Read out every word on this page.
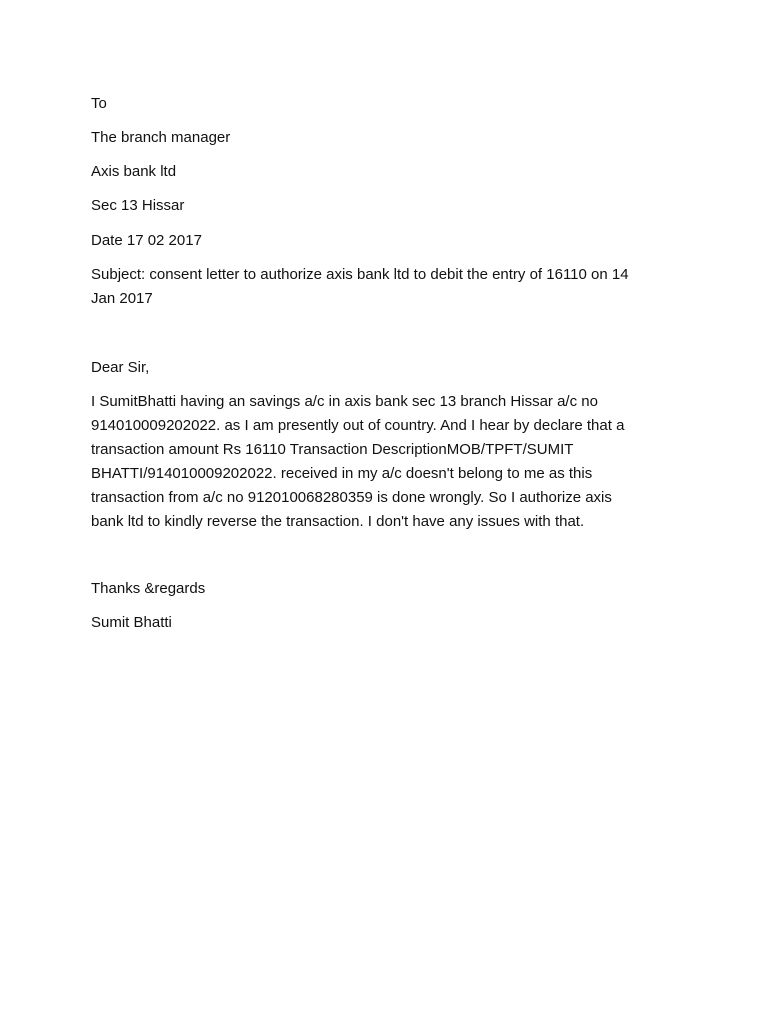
To
The branch manager
Axis bank ltd
Sec 13 Hissar
Date 17 02 2017
Subject: consent letter to authorize axis bank ltd to debit the entry of 16110 on 14
Jan 2017
Dear Sir,
I SumitBhatti having an savings a/c in axis bank sec 13 branch Hissar a/c no
914010009202022. as I am presently out of country. And I hear by declare that a
transaction amount Rs 16110 Transaction DescriptionMOB/TPFT/SUMIT
BHATTI/914010009202022. received in my a/c doesn't belong to me as this
transaction from a/c no 912010068280359 is done wrongly. So I authorize axis
bank ltd to kindly reverse the transaction. I don't have any issues with that.
Thanks &regards
Sumit Bhatti
